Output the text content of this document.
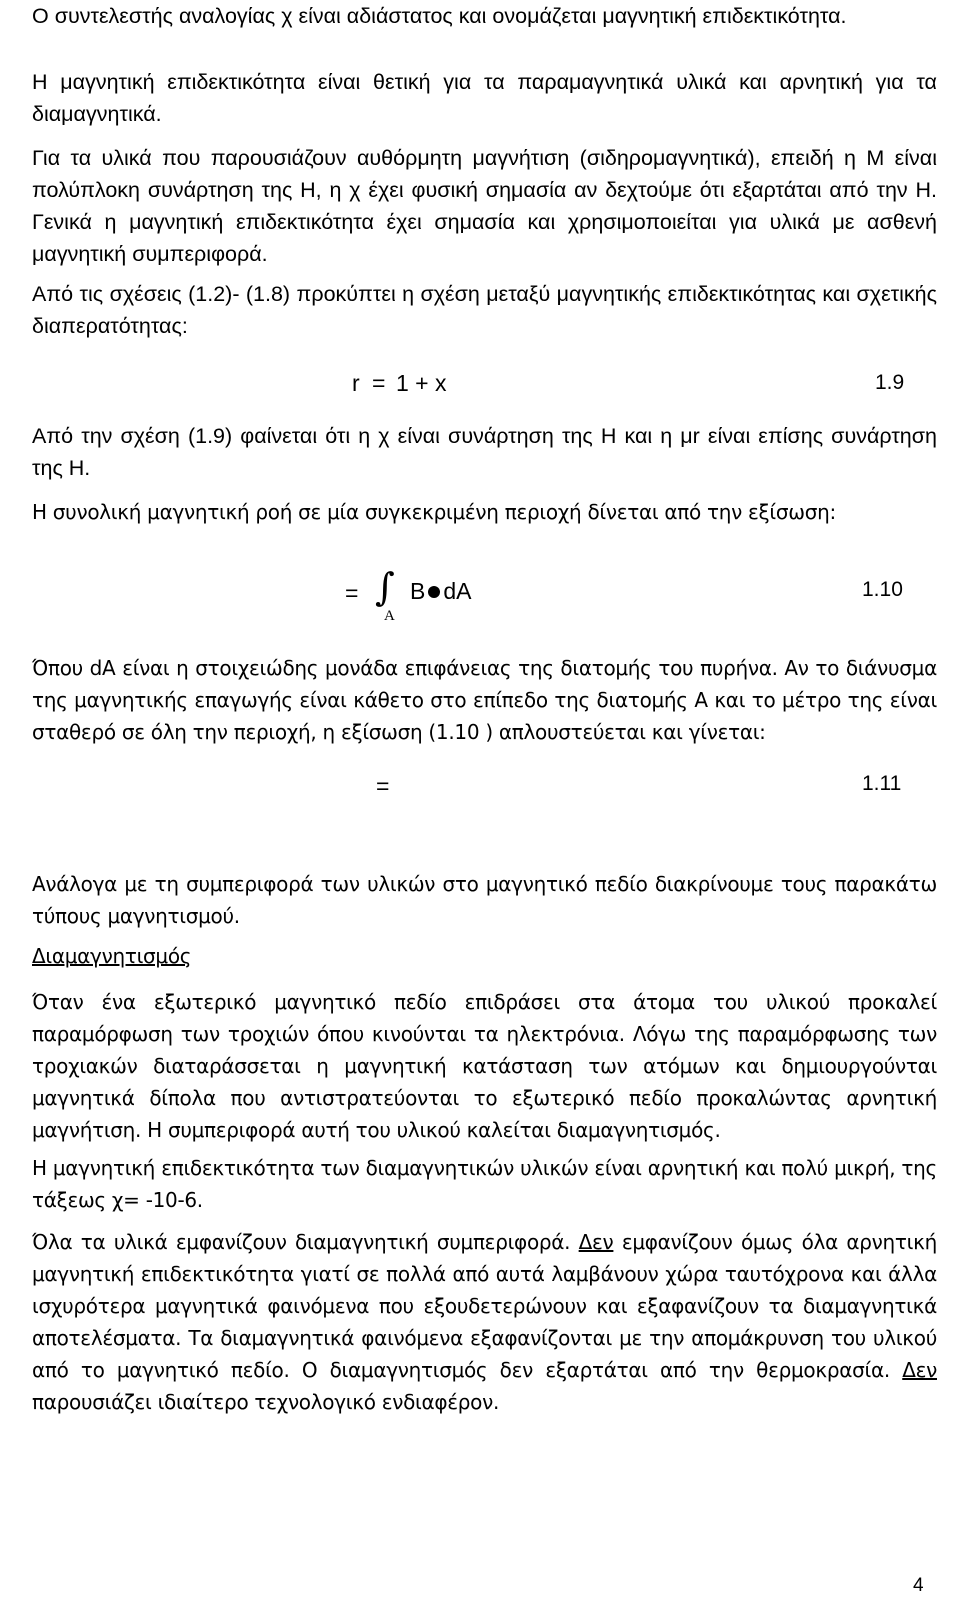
Ο συντελεστής αναλογίας χ είναι αδιάστατος και ονομάζεται μαγνητική επιδεκτικότητα.

Η μαγνητική επιδεκτικότητα είναι θετική για τα παραμαγνητικά υλικά και αρνητική για τα διαμαγνητικά.

Για τα υλικά που παρουσιάζουν αυθόρμητη μαγνήτιση (σιδηρομαγνητικά), επειδή η Μ είναι πολύπλοκη συνάρτηση της Η, η χ έχει φυσική σημασία αν δεχτούμε ότι εξαρτάται από την Η. Γενικά η μαγνητική επιδεκτικότητα έχει σημασία και χρησιμοποιείται για υλικά με ασθενή μαγνητική συμπεριφορά.

Από τις σχέσεις (1.2)- (1.8) προκύπτει η σχέση μεταξύ μαγνητικής επιδεκτικότητας και σχετικής διαπερατότητας:

r = 1 + x	1.9

Από την σχέση (1.9) φαίνεται ότι η χ είναι συνάρτηση της Η και η μr είναι επίσης συνάρτηση της Η.

Η συνολική μαγνητική ροή σε μία συγκεκριμένη περιοχή δίνεται από την εξίσωση:

= ∫
A
B dA	1.10

Όπου dA είναι η στοιχειώδης μονάδα επιφάνειας της διατομής του πυρήνα. Αν το διάνυσμα της μαγνητικής επαγωγής είναι κάθετο στο επίπεδο της διατομής Α και το μέτρο της είναι σταθερό σε όλη την περιοχή, η εξίσωση (1.10 ) απλουστεύεται και γίνεται:

=	1.11

Ανάλογα με τη συμπεριφορά των υλικών στο μαγνητικό πεδίο διακρίνουμε τους παρακάτω τύπους μαγνητισμού.

Διαμαγνητισμός

Όταν ένα εξωτερικό μαγνητικό πεδίο επιδράσει στα άτομα του υλικού προκαλεί παραμόρφωση των τροχιών όπου κινούνται τα ηλεκτρόνια. Λόγω της παραμόρφωσης των τροχιακών διαταράσσεται η μαγνητική κατάσταση των ατόμων και δημιουργούνται μαγνητικά δίπολα που αντιστρατεύονται το εξωτερικό πεδίο προκαλώντας αρνητική μαγνήτιση. Η συμπεριφορά αυτή του υλικού καλείται διαμαγνητισμός.

Η μαγνητική επιδεκτικότητα των διαμαγνητικών υλικών είναι αρνητική και πολύ μικρή, της τάξεως χ= -10-6.

Όλα τα υλικά εμφανίζουν διαμαγνητική συμπεριφορά. Δεν εμφανίζουν όμως όλα αρνητική μαγνητική επιδεκτικότητα γιατί σε πολλά από αυτά λαμβάνουν χώρα ταυτόχρονα και άλλα ισχυρότερα μαγνητικά φαινόμενα που εξουδετερώνουν και εξαφανίζουν τα διαμαγνητικά αποτελέσματα. Τα διαμαγνητικά φαινόμενα εξαφανίζονται με την απομάκρυνση του υλικού από το μαγνητικό πεδίο. Ο διαμαγνητισμός δεν εξαρτάται από την θερμοκρασία. Δεν παρουσιάζει ιδιαίτερο τεχνολογικό ενδιαφέρον.

4
